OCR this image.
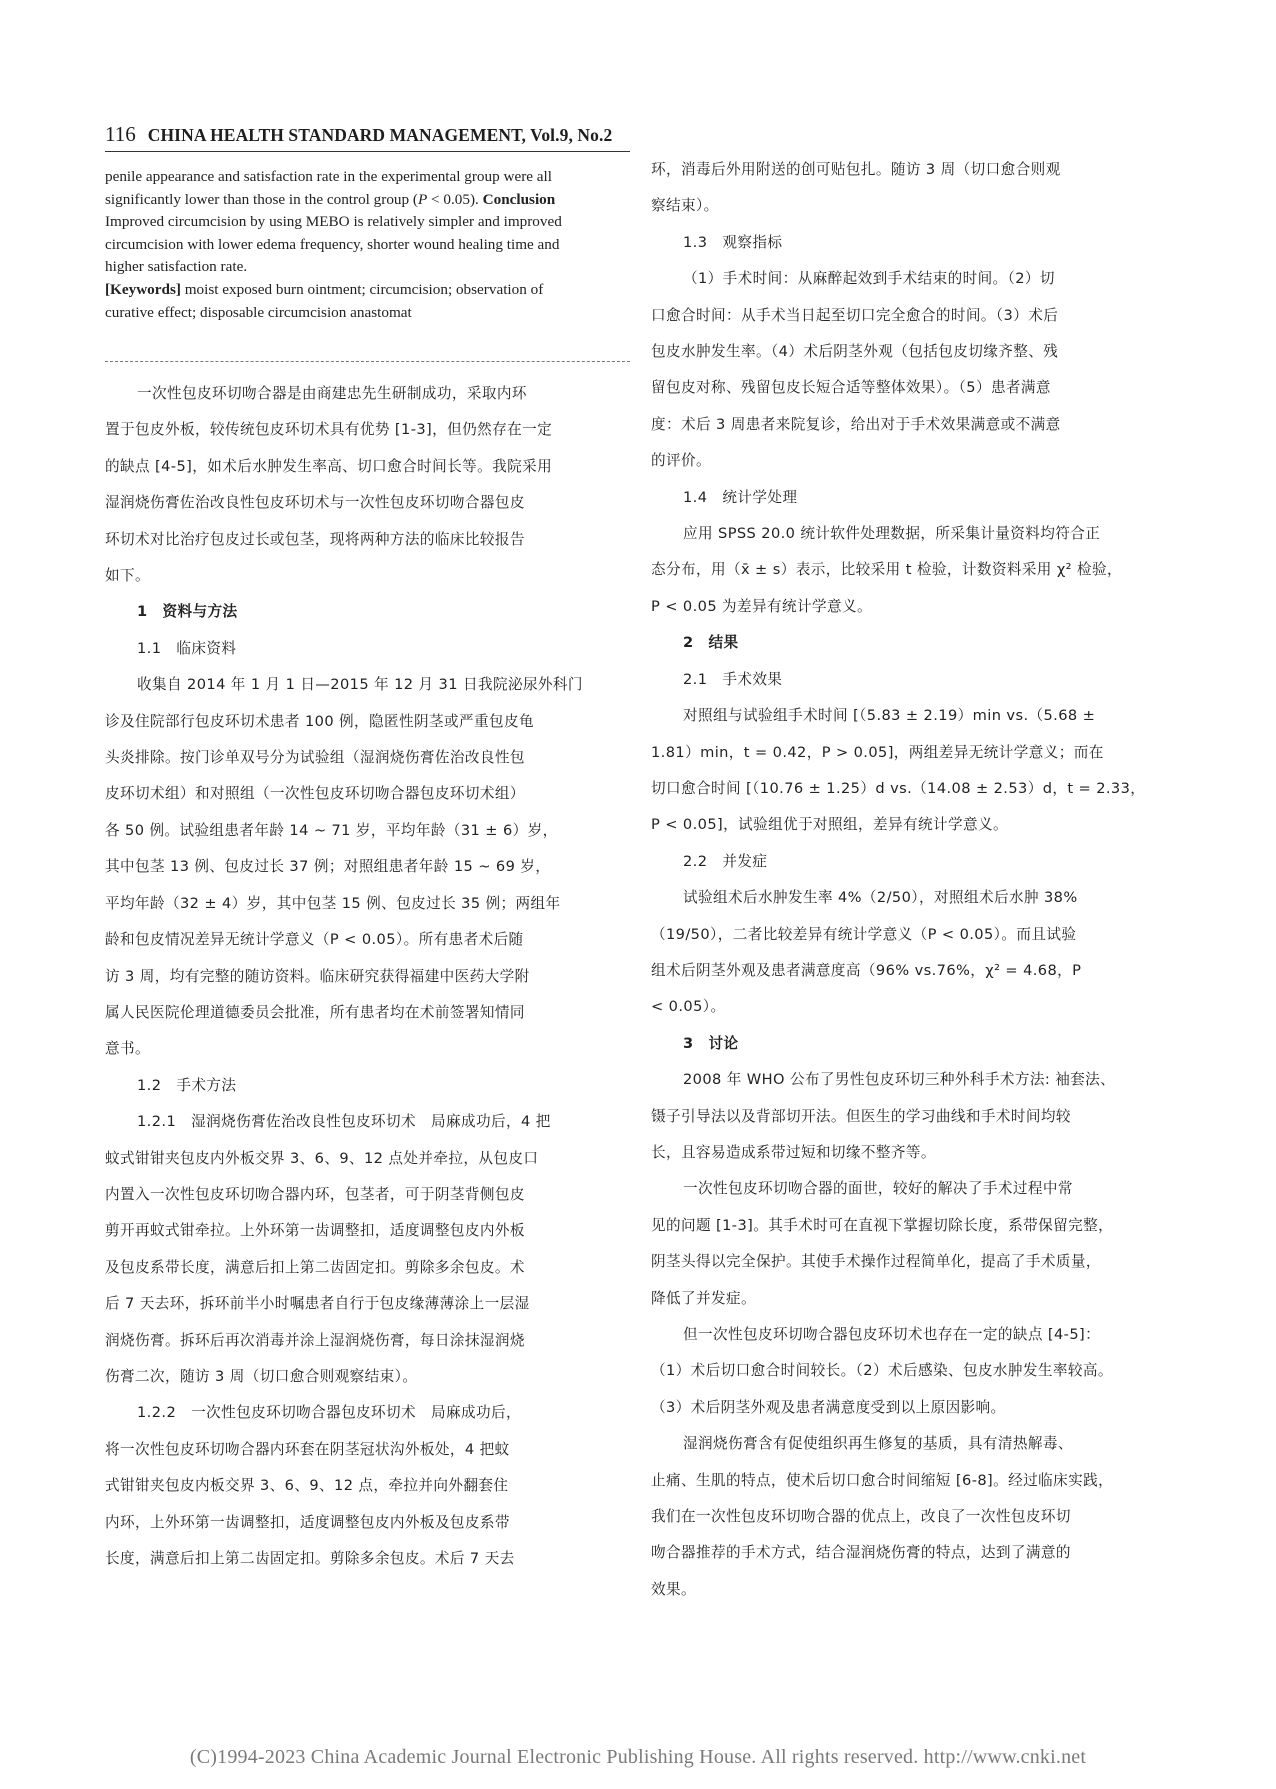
116 CHINA HEALTH STANDARD MANAGEMENT, Vol.9, No.2
penile appearance and satisfaction rate in the experimental group were all
significantly lower than those in the control group (P < 0.05). Conclusion
Improved circumcision by using MEBO is relatively simpler and improved
circumcision with lower edema frequency, shorter wound healing time and
higher satisfaction rate.
[Keywords] moist exposed burn ointment; circumcision; observation of
curative effect; disposable circumcision anastomat
一次性包皮环切吻合器是由商建忠先生研制成功，采取内环
置于包皮外板，较传统包皮环切术具有优势 [1-3]，但仍然存在一定
的缺点 [4-5]，如术后水肿发生率高、切口愈合时间长等。我院采用
湿润烧伤膏佐治改良性包皮环切术与一次性包皮环切吻合器包皮
环切术对比治疗包皮过长或包茎，现将两种方法的临床比较报告
如下。
1　资料与方法
1.1　临床资料
收集自 2014 年 1 月 1 日—2015 年 12 月 31 日我院泌尿外科门
诊及住院部行包皮环切术患者 100 例，隐匿性阴茎或严重包皮龟
头炎排除。按门诊单双号分为试验组（湿润烧伤膏佐治改良性包
皮环切术组）和对照组（一次性包皮环切吻合器包皮环切术组）
各 50 例。试验组患者年龄 14 ~ 71 岁，平均年龄（31 ± 6）岁，
其中包茎 13 例、包皮过长 37 例；对照组患者年龄 15 ~ 69 岁，
平均年龄（32 ± 4）岁，其中包茎 15 例、包皮过长 35 例；两组年
龄和包皮情况差异无统计学意义（P < 0.05）。所有患者术后随
访 3 周，均有完整的随访资料。临床研究获得福建中医药大学附
属人民医院伦理道德委员会批准，所有患者均在术前签署知情同
意书。
1.2　手术方法
1.2.1　湿润烧伤膏佐治改良性包皮环切术　局麻成功后，4 把
蚊式钳钳夹包皮内外板交界 3、6、9、12 点处并牵拉，从包皮口
内置入一次性包皮环切吻合器内环，包茎者，可于阴茎背侧包皮
剪开再蚊式钳牵拉。上外环第一齿调整扣，适度调整包皮内外板
及包皮系带长度，满意后扣上第二齿固定扣。剪除多余包皮。术
后 7 天去环，拆环前半小时嘱患者自行于包皮缘薄薄涂上一层湿
润烧伤膏。拆环后再次消毒并涂上湿润烧伤膏，每日涂抹湿润烧
伤膏二次，随访 3 周（切口愈合则观察结束）。
1.2.2　一次性包皮环切吻合器包皮环切术　局麻成功后，
将一次性包皮环切吻合器内环套在阴茎冠状沟外板处，4 把蚊
式钳钳夹包皮内板交界 3、6、9、12 点，牵拉并向外翻套住
内环，上外环第一齿调整扣，适度调整包皮内外板及包皮系带
长度，满意后扣上第二齿固定扣。剪除多余包皮。术后 7 天去
环，消毒后外用附送的创可贴包扎。随访 3 周（切口愈合则观
察结束）。
1.3　观察指标
（1）手术时间：从麻醉起效到手术结束的时间。（2）切
口愈合时间：从手术当日起至切口完全愈合的时间。（3）术后
包皮水肿发生率。（4）术后阴茎外观（包括包皮切缘齐整、残
留包皮对称、残留包皮长短合适等整体效果）。（5）患者满意
度：术后 3 周患者来院复诊，给出对于手术效果满意或不满意
的评价。
1.4　统计学处理
应用 SPSS 20.0 统计软件处理数据，所采集计量资料均符合正
态分布，用（x̄ ± s）表示，比较采用 t 检验，计数资料采用 χ² 检验，
P < 0.05 为差异有统计学意义。
2　结果
2.1　手术效果
对照组与试验组手术时间 [（5.83 ± 2.19）min vs.（5.68 ±
1.81）min，t = 0.42，P > 0.05]，两组差异无统计学意义；而在
切口愈合时间 [（10.76 ± 1.25）d vs.（14.08 ± 2.53）d，t = 2.33，
P < 0.05]，试验组优于对照组，差异有统计学意义。
2.2　并发症
试验组术后水肿发生率 4%（2/50），对照组术后水肿 38%
（19/50），二者比较差异有统计学意义（P < 0.05）。而且试验
组术后阴茎外观及患者满意度高（96% vs.76%，χ² = 4.68，P
< 0.05）。
3　讨论
2008 年 WHO 公布了男性包皮环切三种外科手术方法: 袖套法、
镊子引导法以及背部切开法。但医生的学习曲线和手术时间均较
长，且容易造成系带过短和切缘不整齐等。
一次性包皮环切吻合器的面世，较好的解决了手术过程中常
见的问题 [1-3]。其手术时可在直视下掌握切除长度，系带保留完整，
阴茎头得以完全保护。其使手术操作过程简单化，提高了手术质量，
降低了并发症。
但一次性包皮环切吻合器包皮环切术也存在一定的缺点 [4-5]：
（1）术后切口愈合时间较长。（2）术后感染、包皮水肿发生率较高。
（3）术后阴茎外观及患者满意度受到以上原因影响。
湿润烧伤膏含有促使组织再生修复的基质，具有清热解毒、
止痛、生肌的特点，使术后切口愈合时间缩短 [6-8]。经过临床实践，
我们在一次性包皮环切吻合器的优点上，改良了一次性包皮环切
吻合器推荐的手术方式，结合湿润烧伤膏的特点，达到了满意的
效果。
(C)1994-2023 China Academic Journal Electronic Publishing House. All rights reserved. http://www.cnki.net
